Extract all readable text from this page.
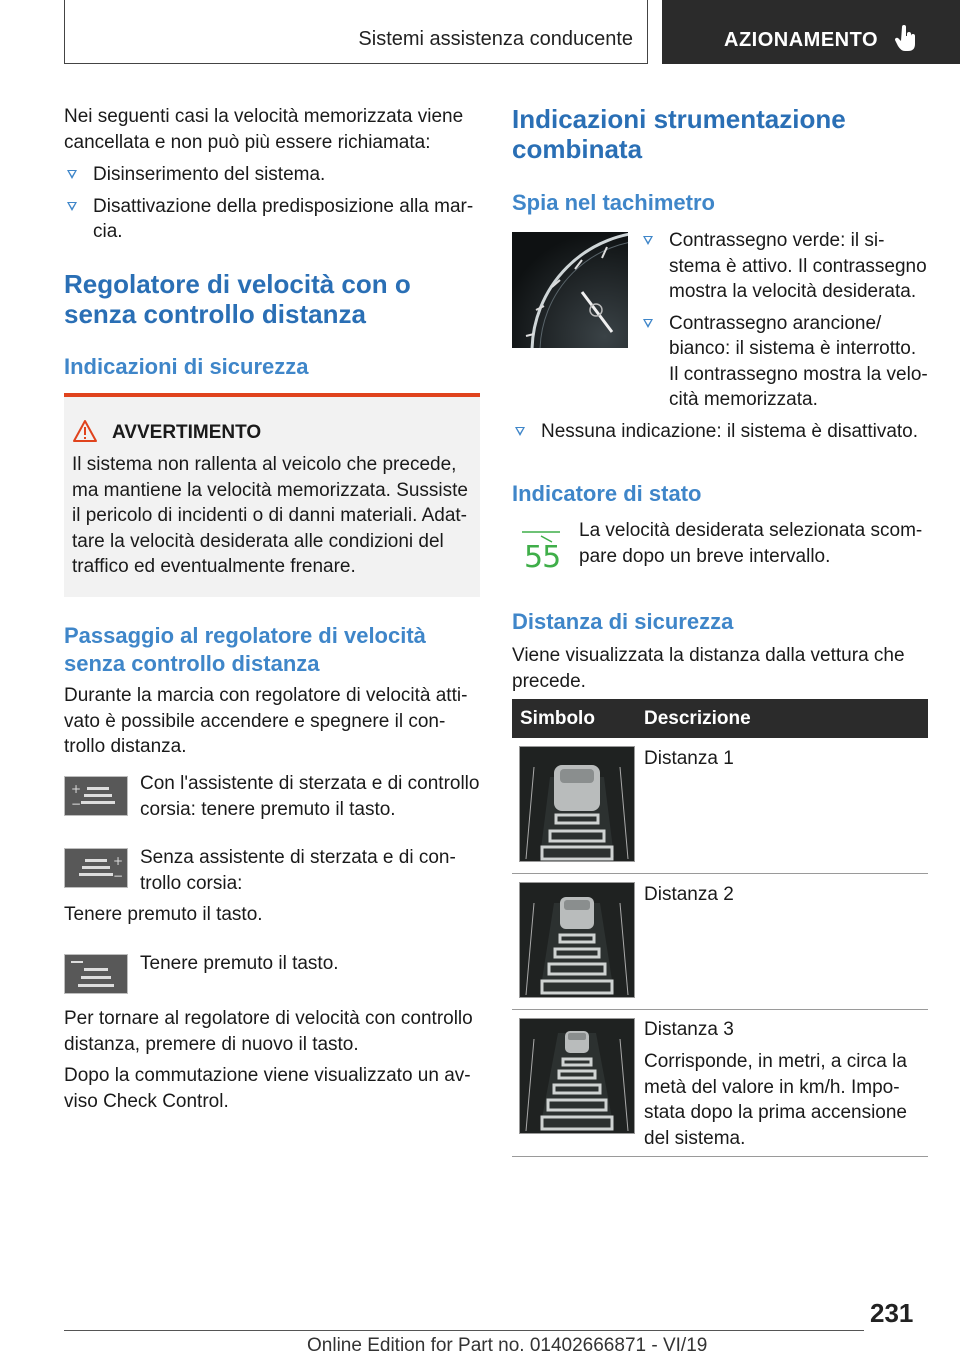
Sistemi assistenza conducente	AZIONAMENTO
Nei seguenti casi la velocità memorizzata viene cancellata e non può più essere richiamata:
Disinserimento del sistema.
Disattivazione della predisposizione alla mar-cia.
Regolatore di velocità con o senza controllo distanza
Indicazioni di sicurezza
AVVERTIMENTO
Il sistema non rallenta al veicolo che precede, ma mantiene la velocità memorizzata. Sussiste il pericolo di incidenti o di danni materiali. Adat-tare la velocità desiderata alle condizioni del traffico ed eventualmente frenare.
Passaggio al regolatore di velocità senza controllo distanza
Durante la marcia con regolatore di velocità atti-vato è possibile accendere e spegnere il con-trollo distanza.
+
−
Con l'assistente di sterzata e di controllo corsia: tenere premuto il tasto.
+
−
Senza assistente di sterzata e di con-trollo corsia:
Tenere premuto il tasto.
Tenere premuto il tasto.
Per tornare al regolatore di velocità con controllo distanza, premere di nuovo il tasto.
Dopo la commutazione viene visualizzato un av-viso Check Control.
Indicazioni strumentazione combinata
Spia nel tachimetro
Contrassegno verde: il si-stema è attivo. Il contrassegno mostra la velocità desiderata.
Contrassegno arancione/ bianco: il sistema è interrotto. Il contrassegno mostra la velo-cità memorizzata.
Nessuna indicazione: il sistema è disattivato.
Indicatore di stato
55
La velocità desiderata selezionata scom-pare dopo un breve intervallo.
Distanza di sicurezza
Viene visualizzata la distanza dalla vettura che precede.
Simbolo	Descrizione
Distanza 1
Distanza 2
Distanza 3
Corrisponde, in metri, a circa la metà del valore in km/h. Impo-stata dopo la prima accensione del sistema.
231
Online Edition for Part no. 01402666871 - VI/19
